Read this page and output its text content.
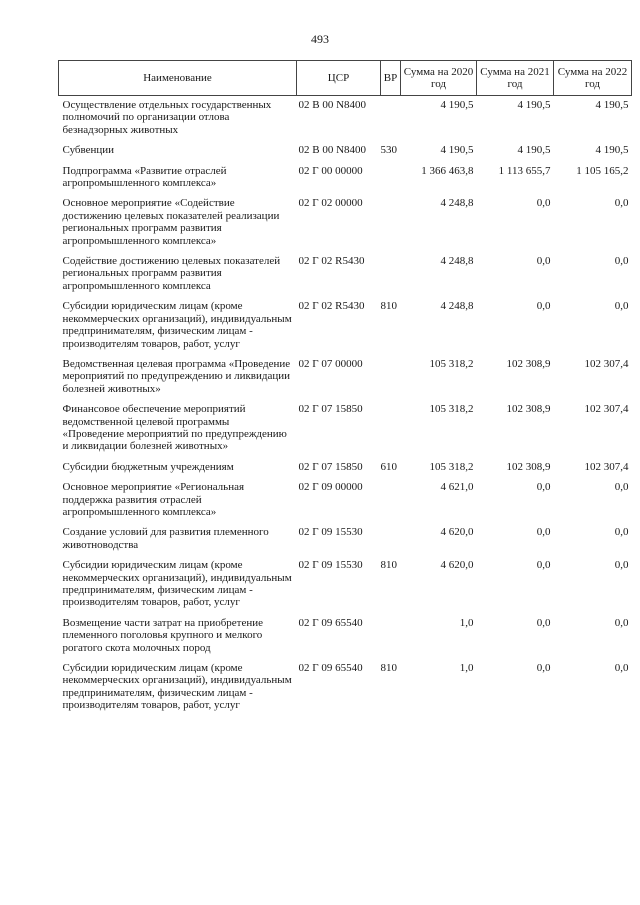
493
Наименование	ЦСР	ВР	Сумма на 2020 год	Сумма на 2021 год	Сумма на 2022 год
Осуществление отдельных государственных полномочий по организации отлова безнадзорных животных	02 В 00 N8400		4 190,5	4 190,5	4 190,5
Субвенции	02 В 00 N8400	530	4 190,5	4 190,5	4 190,5
Подпрограмма «Развитие отраслей агропромышленного комплекса»	02 Г 00 00000		1 366 463,8	1 113 655,7	1 105 165,2
Основное мероприятие «Содействие достижению целевых показателей реализации региональных программ развития агропромышленного комплекса»	02 Г 02 00000		4 248,8	0,0	0,0
Содействие достижению целевых показателей региональных программ развития агропромышленного комплекса	02 Г 02 R5430		4 248,8	0,0	0,0
Субсидии юридическим лицам (кроме некоммерческих организаций), индивидуальным предпринимателям, физическим лицам - производителям товаров, работ, услуг	02 Г 02 R5430	810	4 248,8	0,0	0,0
Ведомственная целевая программа «Проведение мероприятий по предупреждению и ликвидации болезней животных»	02 Г 07 00000		105 318,2	102 308,9	102 307,4
Финансовое обеспечение мероприятий ведомственной целевой программы «Проведение мероприятий по предупреждению и ликвидации болезней животных»	02 Г 07 15850		105 318,2	102 308,9	102 307,4
Субсидии бюджетным учреждениям	02 Г 07 15850	610	105 318,2	102 308,9	102 307,4
Основное мероприятие «Региональная поддержка развития отраслей агропромышленного комплекса»	02 Г 09 00000		4 621,0	0,0	0,0
Создание условий для развития племенного животноводства	02 Г 09 15530		4 620,0	0,0	0,0
Субсидии юридическим лицам (кроме некоммерческих организаций), индивидуальным предпринимателям, физическим лицам - производителям товаров, работ, услуг	02 Г 09 15530	810	4 620,0	0,0	0,0
Возмещение части затрат на приобретение племенного поголовья крупного и мелкого рогатого скота молочных пород	02 Г 09 65540		1,0	0,0	0,0
Субсидии юридическим лицам (кроме некоммерческих организаций), индивидуальным предпринимателям, физическим лицам - производителям товаров, работ, услуг	02 Г 09 65540	810	1,0	0,0	0,0
